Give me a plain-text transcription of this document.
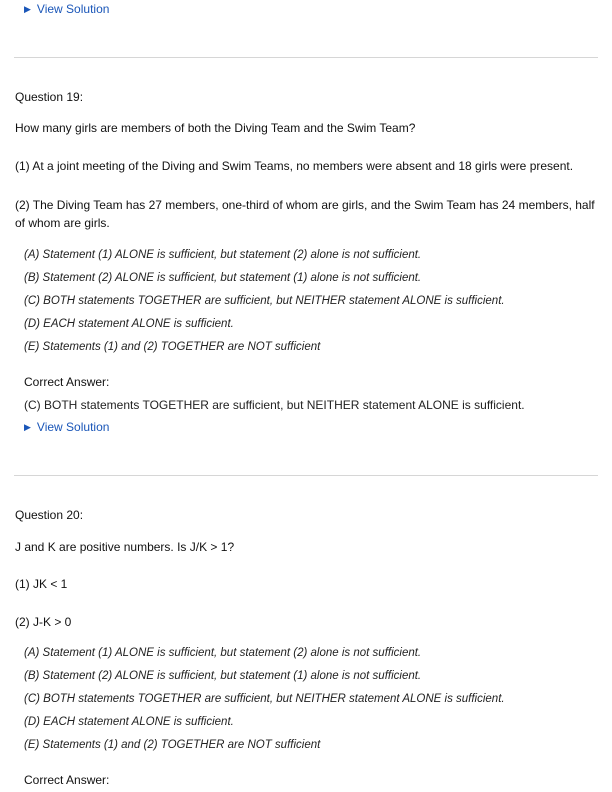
▶ View Solution
Question 19:
How many girls are members of both the Diving Team and the Swim Team?
(1) At a joint meeting of the Diving and Swim Teams, no members were absent and 18 girls were present.
(2) The Diving Team has 27 members, one-third of whom are girls, and the Swim Team has 24 members, half of whom are girls.
(A) Statement (1) ALONE is sufficient, but statement (2) alone is not sufficient.
(B) Statement (2) ALONE is sufficient, but statement (1) alone is not sufficient.
(C) BOTH statements TOGETHER are sufficient, but NEITHER statement ALONE is sufficient.
(D) EACH statement ALONE is sufficient.
(E) Statements (1) and (2) TOGETHER are NOT sufficient
Correct Answer:
(C) BOTH statements TOGETHER are sufficient, but NEITHER statement ALONE is sufficient.
▶ View Solution
Question 20:
J and K are positive numbers. Is J/K > 1?
(1) JK < 1
(2) J-K > 0
(A) Statement (1) ALONE is sufficient, but statement (2) alone is not sufficient.
(B) Statement (2) ALONE is sufficient, but statement (1) alone is not sufficient.
(C) BOTH statements TOGETHER are sufficient, but NEITHER statement ALONE is sufficient.
(D) EACH statement ALONE is sufficient.
(E) Statements (1) and (2) TOGETHER are NOT sufficient
Correct Answer:
